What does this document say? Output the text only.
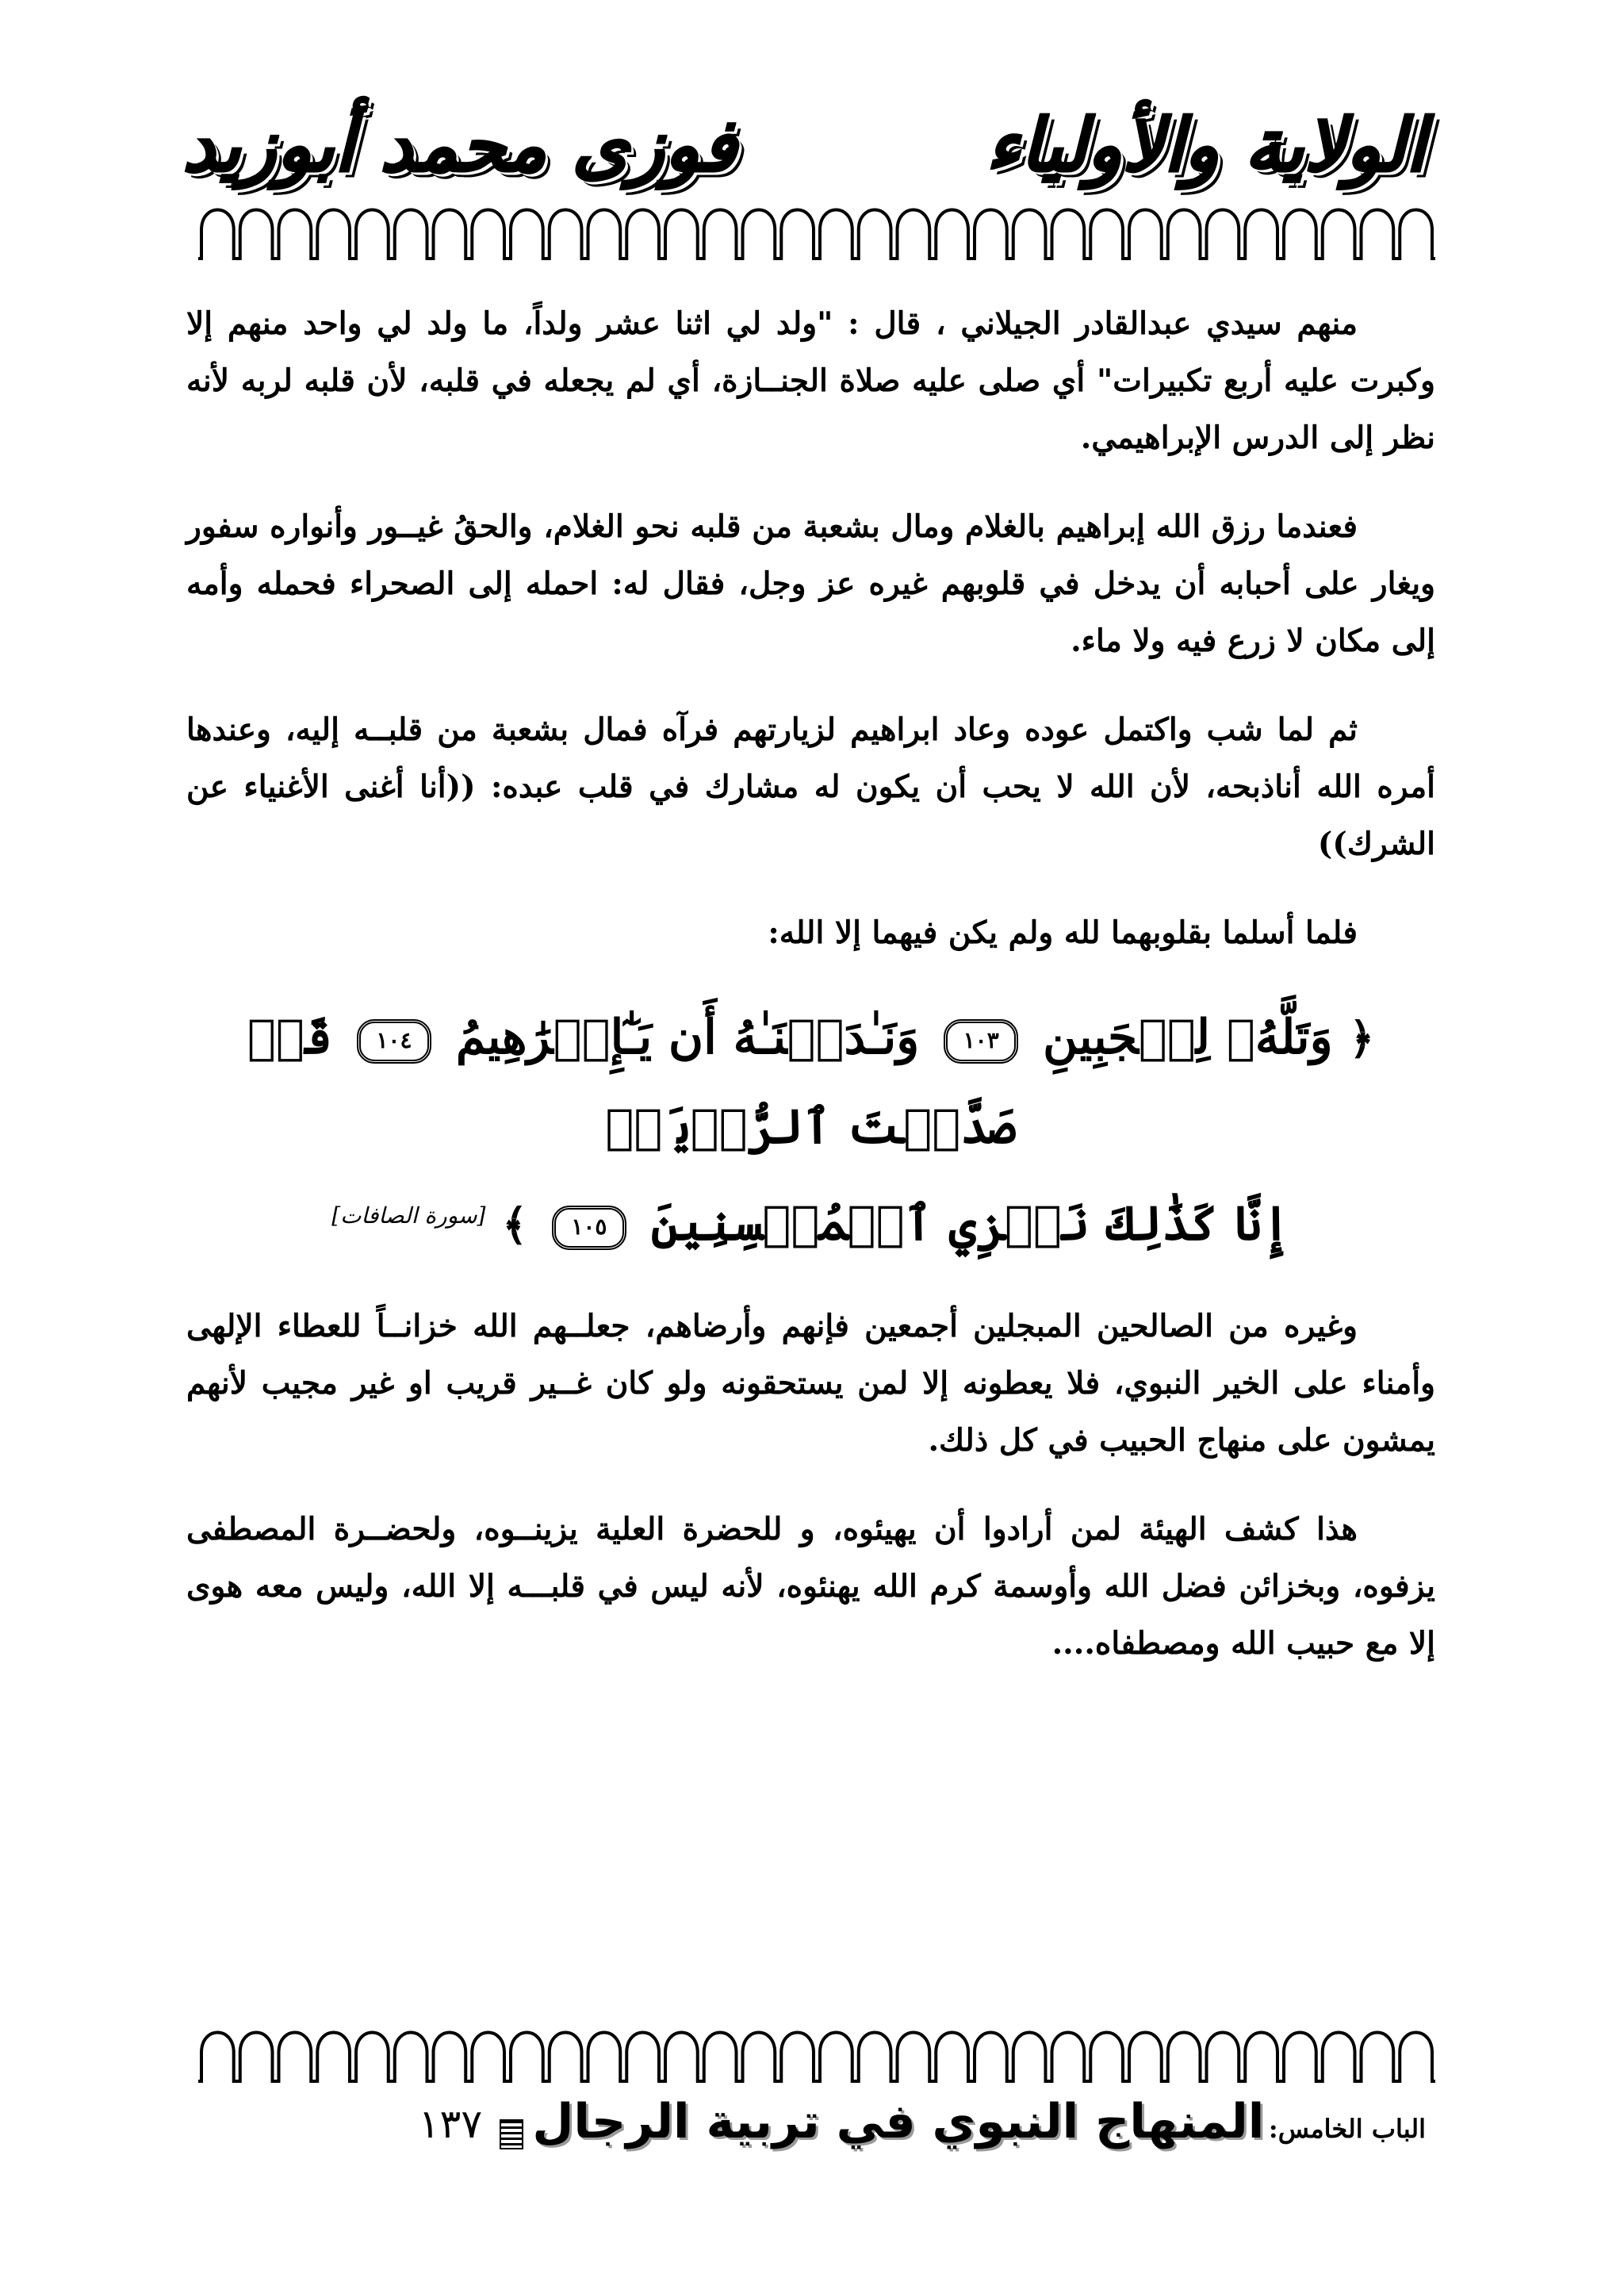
الولاية والأولياء
فوزى محمد أبوزيد

منهم سيدي عبدالقادر الجيلاني ، قال : "ولد لي اثنا عشر ولداً، ما ولد لي واحد منهم إلا وكبرت عليه أربع تكبيرات" أي صلى عليه صلاة الجنــازة، أي لم يجعله في قلبه، لأن قلبه لربه لأنه نظر إلى الدرس الإبراهيمي.

فعندما رزق الله إبراهيم بالغلام ومال بشعبة من قلبه نحو الغلام، والحقُ غيــور وأنواره سفور ويغار على أحبابه أن يدخل في قلوبهم غيره عز وجل، فقال له: احمله إلى الصحراء فحمله وأمه إلى مكان لا زرع فيه ولا ماء.

ثم لما شب واكتمل عوده وعاد ابراهيم لزيارتهم فرآه فمال بشعبة من قلبــه إليه، وعندها أمره الله أناذبحه، لأن الله لا يحب أن يكون له مشارك في قلب عبده: ((أنا أغنى الأغنياء عن الشرك))

فلما أسلما بقلوبهما لله ولم يكن فيهما إلا الله:

﴿ وَتَلَّهُۥ لِلۡجَبِينِ ١٠٣ وَنَـٰدَيۡنَـٰهُ أَن يَـٰٓإِبۡرَٰهِيمُ ١٠٤ قَدۡ صَدَّقۡتَ ٱلرُّءۡيَآۚ
إِنَّا كَذَٰلِكَ نَجۡزِي ٱلۡمُحۡسِنِينَ ١٠٥ ﴾ [سورة الصافات]

وغيره من الصالحين المبجلين أجمعين فإنهم وأرضاهم، جعلــهم الله خزانــاً للعطاء الإلهى وأمناء على الخير النبوي، فلا يعطونه إلا لمن يستحقونه ولو كان غــير قريب او غير مجيب لأنهم يمشون على منهاج الحبيب في كل ذلك.

هذا كشف الهيئة لمن أرادوا أن يهيئوه، و للحضرة العلية يزينــوه، ولحضــرة المصطفى يزفوه، وبخزائن فضل الله وأوسمة كرم الله يهنئوه، لأنه ليس في قلبـــه إلا الله، وليس معه هوى إلا مع حبيب الله ومصطفاه....

الباب الخامس: المنهاج النبوي في تربية الرجال  ١٣٧
